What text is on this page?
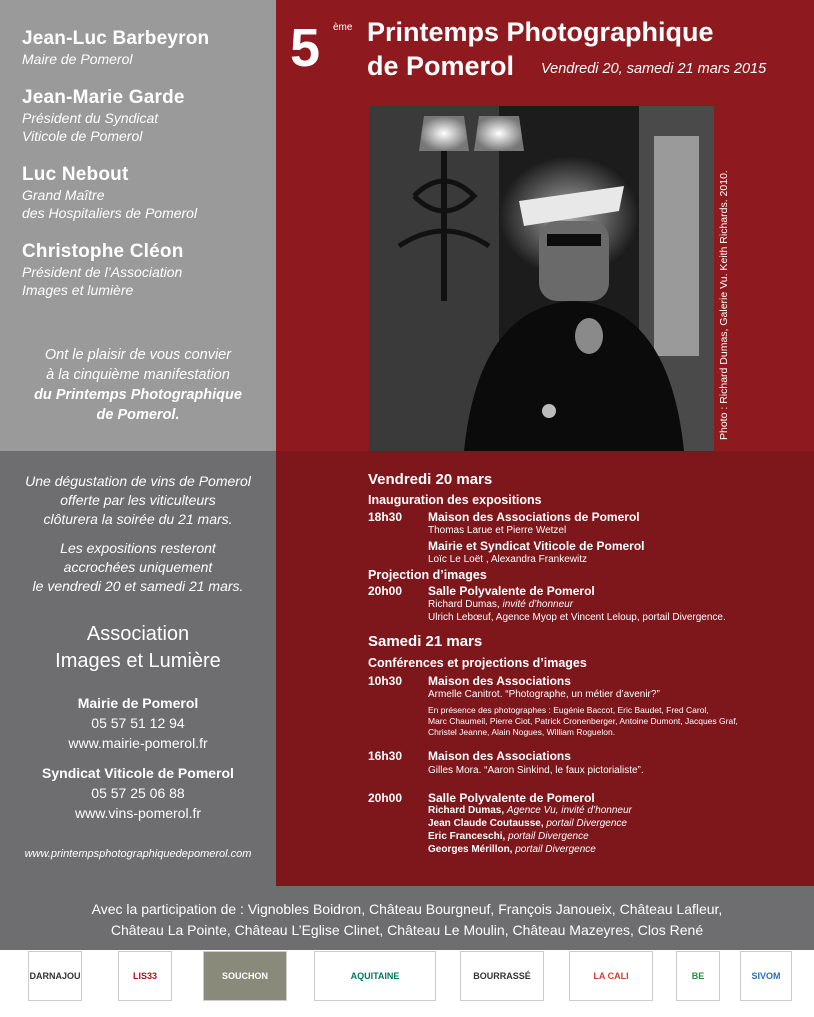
Jean-Luc Barbeyron
Maire de Pomerol
Jean-Marie Garde
Président du Syndicat
Viticole de Pomerol
Luc Nebout
Grand Maître
des Hospitaliers de Pomerol
Christophe Cléon
Président de l’Association
Images et lumière
Ont le plaisir de vous convier
à la cinquième manifestation
du Printemps Photographique
de Pomerol.
Une dégustation de vins de Pomerol
offerte par les viticulteurs
clôturera la soirée du 21 mars.
Les expositions resteront
accrochées uniquement
le vendredi 20 et samedi 21 mars.
Association
Images et Lumière
Mairie de Pomerol
05 57 51 12 94
www.mairie-pomerol.fr
Syndicat Viticole de Pomerol
05 57 25 06 88
www.vins-pomerol.fr
www.printempsphotographiquedepomerol.com
5 ème Printemps Photographique
de Pomerol Vendredi 20, samedi 21 mars 2015
Photo : Richard Dumas, Galerie Vu. Keith Richards. 2010.
Vendredi 20 mars
Inauguration des expositions
18h30 Maison des Associations de Pomerol
Thomas Larue et Pierre Wetzel
Mairie et Syndicat Viticole de Pomerol
Loïc Le Loët , Alexandra Frankewitz
Projection d’images
20h00 Salle Polyvalente de Pomerol
Richard Dumas, invité d’honneur
Ulrich Lebœuf, Agence Myop et Vincent Leloup, portail Divergence.
Samedi 21 mars
Conférences et projections d’images
10h30 Maison des Associations
Armelle Canitrot. “Photographe, un métier d’avenir?”
En présence des photographes : Eugénie Baccot, Eric Baudet, Fred Carol,
Marc Chaumeil, Pierre Ciot, Patrick Cronenberger, Antoine Dumont, Jacques Graf,
Christel Jeanne, Alain Nogues, William Roguelon.
16h30 Maison des Associations
Gilles Mora. “Aaron Sinkind, le faux pictorialiste”.
20h00 Salle Polyvalente de Pomerol
Richard Dumas, Agence Vu, invité d’honneur
Jean Claude Coutausse, portail Divergence
Eric Franceschi, portail Divergence
Georges Mérillon, portail Divergence
Avec la participation de : Vignobles Boidron, Château Bourgneuf, François Janoueix, Château Lafleur,
Château La Pointe, Château L’Eglise Clinet, Château Le Moulin, Château Mazeyres, Clos René
DARNAJOU	LIS33	SOUCHON	AQUITAINE	BOURRASSÉ	LA CALI	BE	SIVOM
